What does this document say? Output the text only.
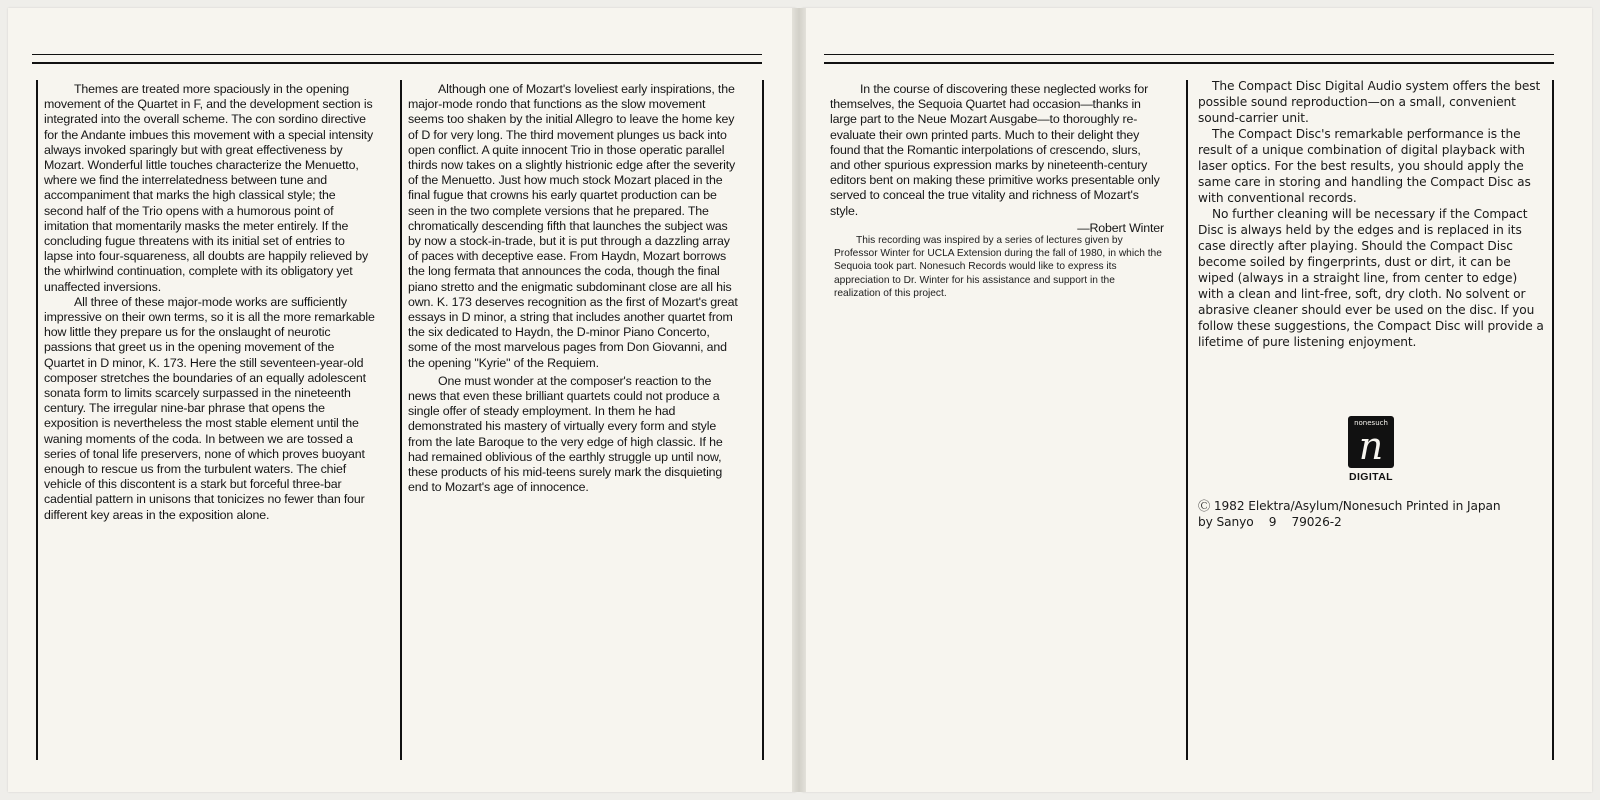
Themes are treated more spaciously in the opening movement of the Quartet in F, and the development section is integrated into the overall scheme. The con sordino directive for the Andante imbues this movement with a special intensity always invoked sparingly but with great effectiveness by Mozart. Wonderful little touches characterize the Menuetto, where we find the interrelatedness between tune and accompaniment that marks the high classical style; the second half of the Trio opens with a humorous point of imitation that momentarily masks the meter entirely. If the concluding fugue threatens with its initial set of entries to lapse into four-squareness, all doubts are happily relieved by the whirlwind continuation, complete with its obligatory yet unaffected inversions.

All three of these major-mode works are sufficiently impressive on their own terms, so it is all the more remarkable how little they prepare us for the onslaught of neurotic passions that greet us in the opening movement of the Quartet in D minor, K. 173. Here the still seventeen-year-old composer stretches the boundaries of an equally adolescent sonata form to limits scarcely surpassed in the nineteenth century. The irregular nine-bar phrase that opens the exposition is nevertheless the most stable element until the waning moments of the coda. In between we are tossed a series of tonal life preservers, none of which proves buoyant enough to rescue us from the turbulent waters. The chief vehicle of this discontent is a stark but forceful three-bar cadential pattern in unisons that tonicizes no fewer than four different key areas in the exposition alone.

Although one of Mozart's loveliest early inspirations, the major-mode rondo that functions as the slow movement seems too shaken by the initial Allegro to leave the home key of D for very long. The third movement plunges us back into open conflict. A quite innocent Trio in those operatic parallel thirds now takes on a slightly histrionic edge after the severity of the Menuetto. Just how much stock Mozart placed in the final fugue that crowns his early quartet production can be seen in the two complete versions that he prepared. The chromatically descending fifth that launches the subject was by now a stock-in-trade, but it is put through a dazzling array of paces with deceptive ease. From Haydn, Mozart borrows the long fermata that announces the coda, though the final piano stretto and the enigmatic subdominant close are all his own. K. 173 deserves recognition as the first of Mozart's great essays in D minor, a string that includes another quartet from the six dedicated to Haydn, the D-minor Piano Concerto, some of the most marvelous pages from Don Giovanni, and the opening "Kyrie" of the Requiem.

One must wonder at the composer's reaction to the news that even these brilliant quartets could not produce a single offer of steady employment. In them he had demonstrated his mastery of virtually every form and style from the late Baroque to the very edge of high classic. If he had remained oblivious of the earthly struggle up until now, these products of his mid-teens surely mark the disquieting end to Mozart's age of innocence.

In the course of discovering these neglected works for themselves, the Sequoia Quartet had occasion—thanks in large part to the Neue Mozart Ausgabe—to thoroughly re-evaluate their own printed parts. Much to their delight they found that the Romantic interpolations of crescendo, slurs, and other spurious expression marks by nineteenth-century editors bent on making these primitive works presentable only served to conceal the true vitality and richness of Mozart's style.

—Robert Winter

This recording was inspired by a series of lectures given by Professor Winter for UCLA Extension during the fall of 1980, in which the Sequoia took part. Nonesuch Records would like to express its appreciation to Dr. Winter for his assistance and support in the realization of this project.

The Compact Disc Digital Audio system offers the best possible sound reproduction—on a small, convenient sound-carrier unit.

The Compact Disc's remarkable performance is the result of a unique combination of digital playback with laser optics. For the best results, you should apply the same care in storing and handling the Compact Disc as with conventional records.

No further cleaning will be necessary if the Compact Disc is always held by the edges and is replaced in its case directly after playing. Should the Compact Disc become soiled by fingerprints, dust or dirt, it can be wiped (always in a straight line, from center to edge) with a clean and lint-free, soft, dry cloth. No solvent or abrasive cleaner should ever be used on the disc. If you follow these suggestions, the Compact Disc will provide a lifetime of pure listening enjoyment.

nonesuch
n
DIGITAL
Ⓒ 1982 Elektra/Asylum/Nonesuch Printed in Japan
by Sanyo    9    79026-2
